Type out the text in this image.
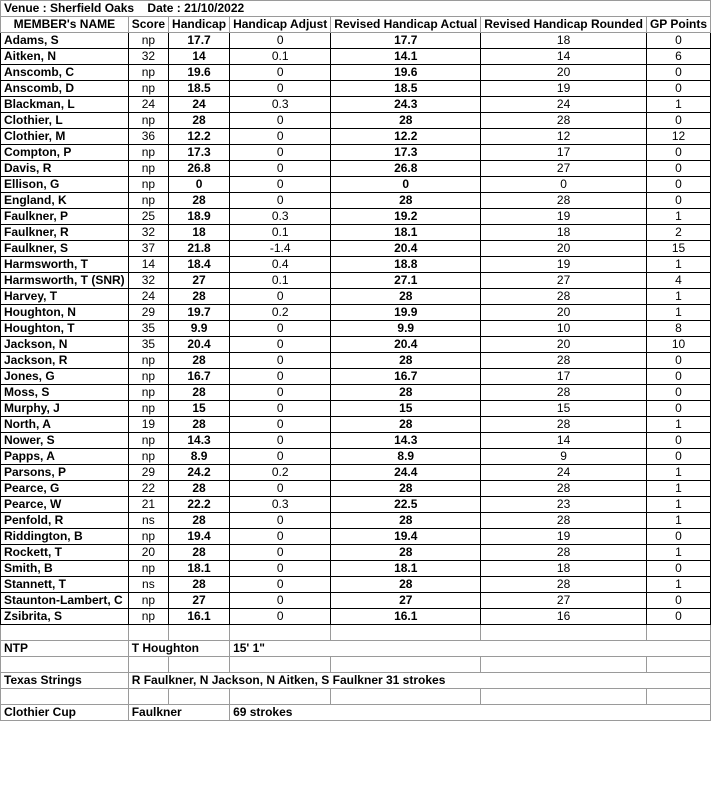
Venue : Sherfield Oaks Date : 21/10/2022						
MEMBER's NAME	Score	Handicap	Handicap Adjust	Revised Handicap Actual	Revised Handicap Rounded	GP Points
Adams, S	np	17.7	0	17.7	18	0
Aitken, N	32	14	0.1	14.1	14	6
Anscomb, C	np	19.6	0	19.6	20	0
Anscomb, D	np	18.5	0	18.5	19	0
Blackman, L	24	24	0.3	24.3	24	1
Clothier, L	np	28	0	28	28	0
Clothier, M	36	12.2	0	12.2	12	12
Compton, P	np	17.3	0	17.3	17	0
Davis, R	np	26.8	0	26.8	27	0
Ellison, G	np	0	0	0	0	0
England, K	np	28	0	28	28	0
Faulkner, P	25	18.9	0.3	19.2	19	1
Faulkner, R	32	18	0.1	18.1	18	2
Faulkner, S	37	21.8	-1.4	20.4	20	15
Harmsworth, T	14	18.4	0.4	18.8	19	1
Harmsworth, T (SNR)	32	27	0.1	27.1	27	4
Harvey, T	24	28	0	28	28	1
Houghton, N	29	19.7	0.2	19.9	20	1
Houghton, T	35	9.9	0	9.9	10	8
Jackson, N	35	20.4	0	20.4	20	10
Jackson, R	np	28	0	28	28	0
Jones, G	np	16.7	0	16.7	17	0
Moss, S	np	28	0	28	28	0
Murphy, J	np	15	0	15	15	0
North, A	19	28	0	28	28	1
Nower, S	np	14.3	0	14.3	14	0
Papps, A	np	8.9	0	8.9	9	0
Parsons, P	29	24.2	0.2	24.4	24	1
Pearce, G	22	28	0	28	28	1
Pearce, W	21	22.2	0.3	22.5	23	1
Penfold, R	ns	28	0	28	28	1
Riddington, B	np	19.4	0	19.4	19	0
Rockett, T	20	28	0	28	28	1
Smith, B	np	18.1	0	18.1	18	0
Stannett, T	ns	28	0	28	28	1
Staunton-Lambert, C	np	27	0	27	27	0
Zsibrita, S	np	16.1	0	16.1	16	0

NTP	T Houghton		15' 1"			

Texas Strings	R Faulkner, N Jackson, N Aitken, S Faulkner 31 strokes					

Clothier Cup	Faulkner		69 strokes			
